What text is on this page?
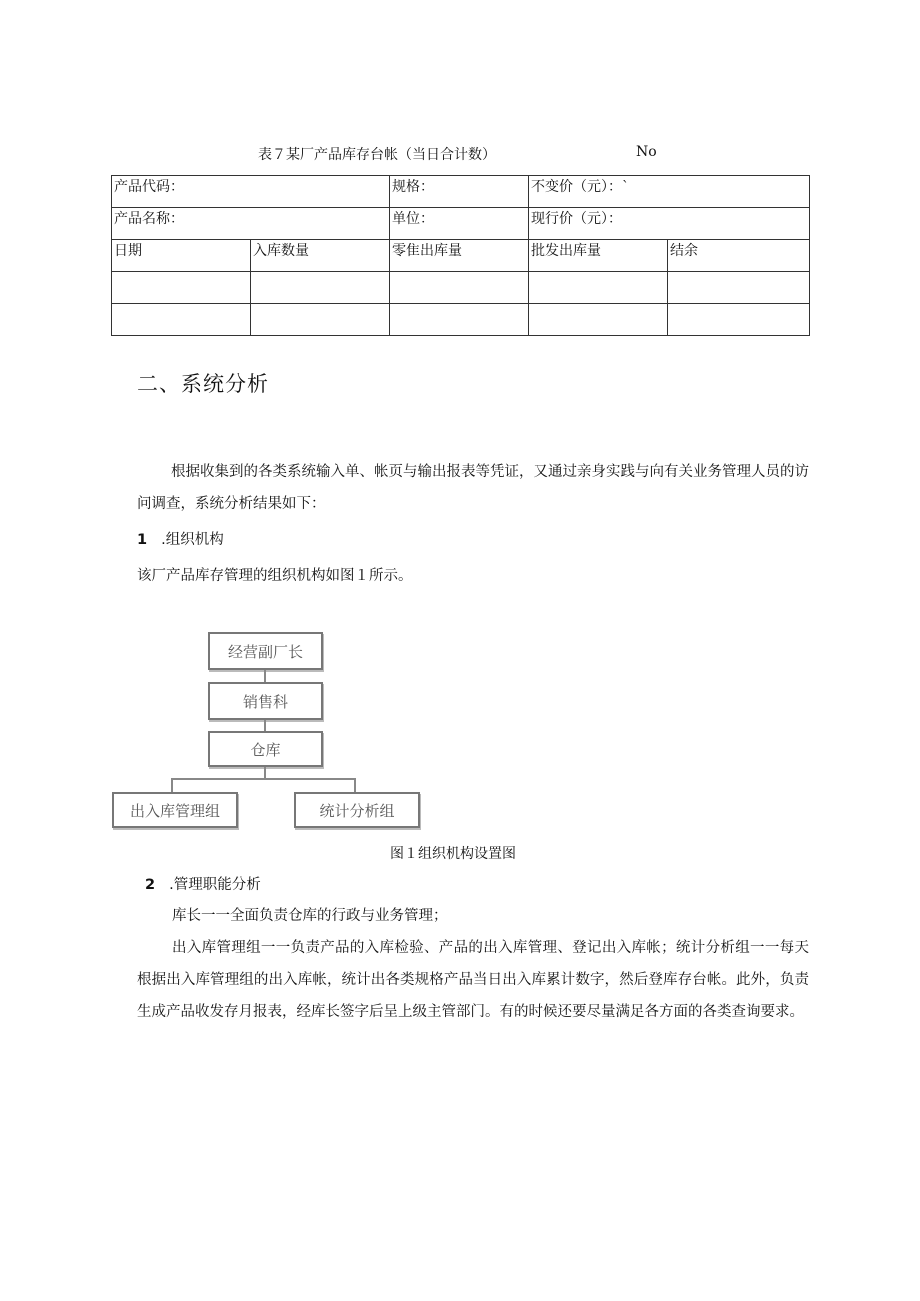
表７某厂产品库存台帐（当日合计数）	No
产品代码：		规格：	不变价（元）：`	
产品名称：		单位：	现行价（元）：	
日期	入库数量	零隹出库量	批发出库量	结余

二、系统分析
根据收集到的各类系统输入单、帐页与输出报表等凭证，又通过亲身实践与向有关业务管理人员的访问调查，系统分析结果如下：
1 .组织机构
该厂产品库存管理的组织机构如图１所示。
经营副厂长
销售科
仓库
出入库管理组	统计分析组
图１组织机构设置图
2 .管理职能分析
库长一一全面负责仓库的行政与业务管理；
出入库管理组一一负责产品的入库检验、产品的出入库管理、登记出入库帐；统计分析组一一每天根据出入库管理组的出入库帐，统计出各类规格产品当日出入库累计数字，然后登库存台帐。此外，负责生成产品收发存月报表，经库长签字后呈上级主管部门。有的时候还要尽量满足各方面的各类查询要求。
